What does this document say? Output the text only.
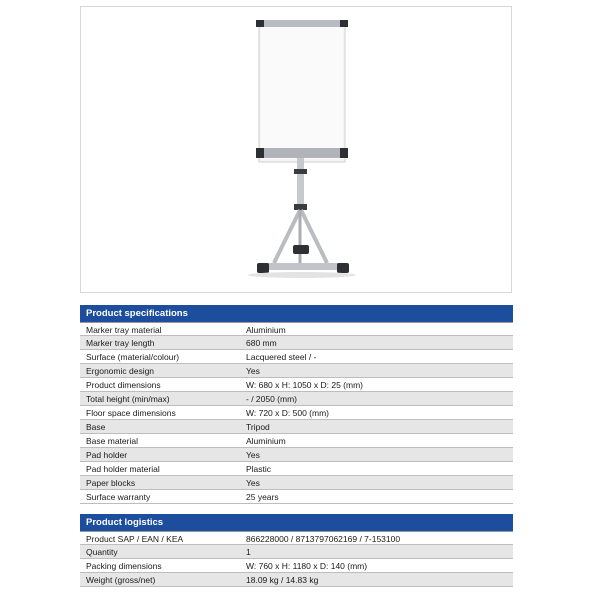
Product specifications
Marker tray material	Aluminium
Marker tray length	680 mm
Surface (material/colour)	Lacquered steel / -
Ergonomic design	Yes
Product dimensions	W: 680 x H: 1050 x D: 25 (mm)
Total height (min/max)	- / 2050 (mm)
Floor space dimensions	W: 720 x D: 500 (mm)
Base	Tripod
Base material	Aluminium
Pad holder	Yes
Pad holder material	Plastic
Paper blocks	Yes
Surface warranty	25 years
Product logistics
Product SAP / EAN / KEA	866228000 / 8713797062169 / 7-153100
Quantity	1
Packing dimensions	W: 760 x H: 1180 x D: 140 (mm)
Weight (gross/net)	18.09 kg / 14.83 kg
